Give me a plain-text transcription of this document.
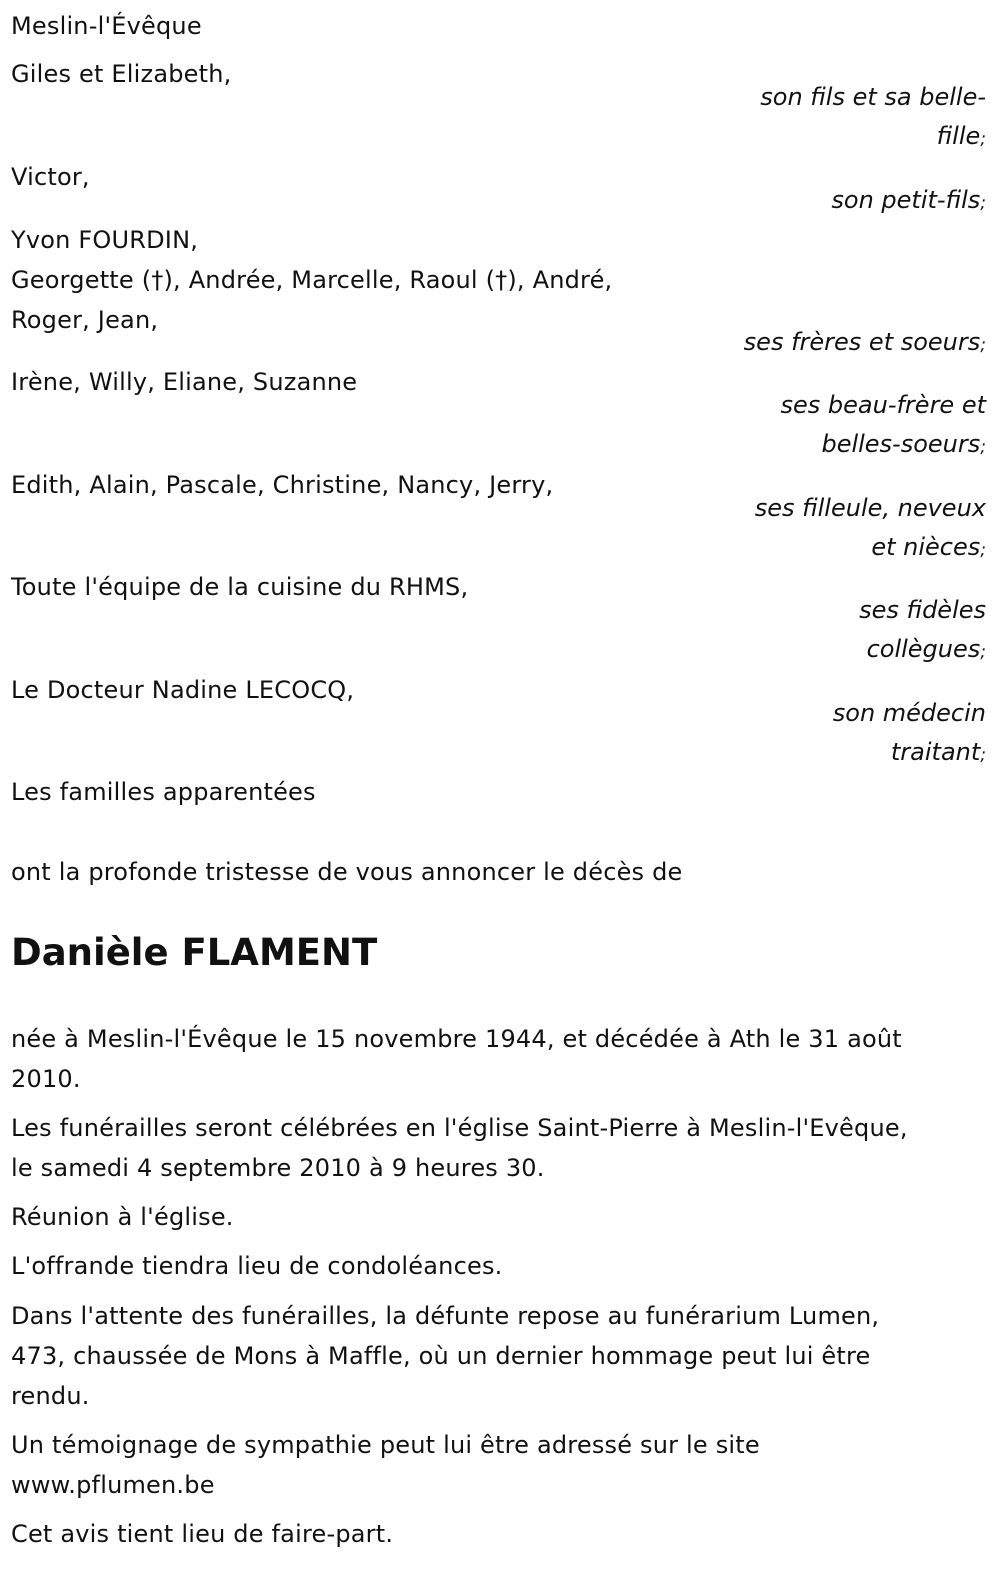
Meslin-l'Évêque
Giles et Elizabeth,
son fils et sa belle-
fille;
Victor,
son petit-fils;
Yvon FOURDIN,
Georgette (†), Andrée, Marcelle, Raoul (†), André,
Roger, Jean,
ses frères et soeurs;
Irène, Willy, Eliane, Suzanne
ses beau-frère et
belles-soeurs;
Edith, Alain, Pascale, Christine, Nancy, Jerry,
ses filleule, neveux
et nièces;
Toute l'équipe de la cuisine du RHMS,
ses fidèles
collègues;
Le Docteur Nadine LECOCQ,
son médecin
traitant;
Les familles apparentées
ont la profonde tristesse de vous annoncer le décès de
Danièle FLAMENT
née à Meslin-l'Évêque le 15 novembre 1944, et décédée à Ath le 31 août
2010.
Les funérailles seront célébrées en l'église Saint-Pierre à Meslin-l'Evêque,
le samedi 4 septembre 2010 à 9 heures 30.
Réunion à l'église.
L'offrande tiendra lieu de condoléances.
Dans l'attente des funérailles, la défunte repose au funérarium Lumen,
473, chaussée de Mons à Maffle, où un dernier hommage peut lui être
rendu.
Un témoignage de sympathie peut lui être adressé sur le site
www.pflumen.be
Cet avis tient lieu de faire-part.
